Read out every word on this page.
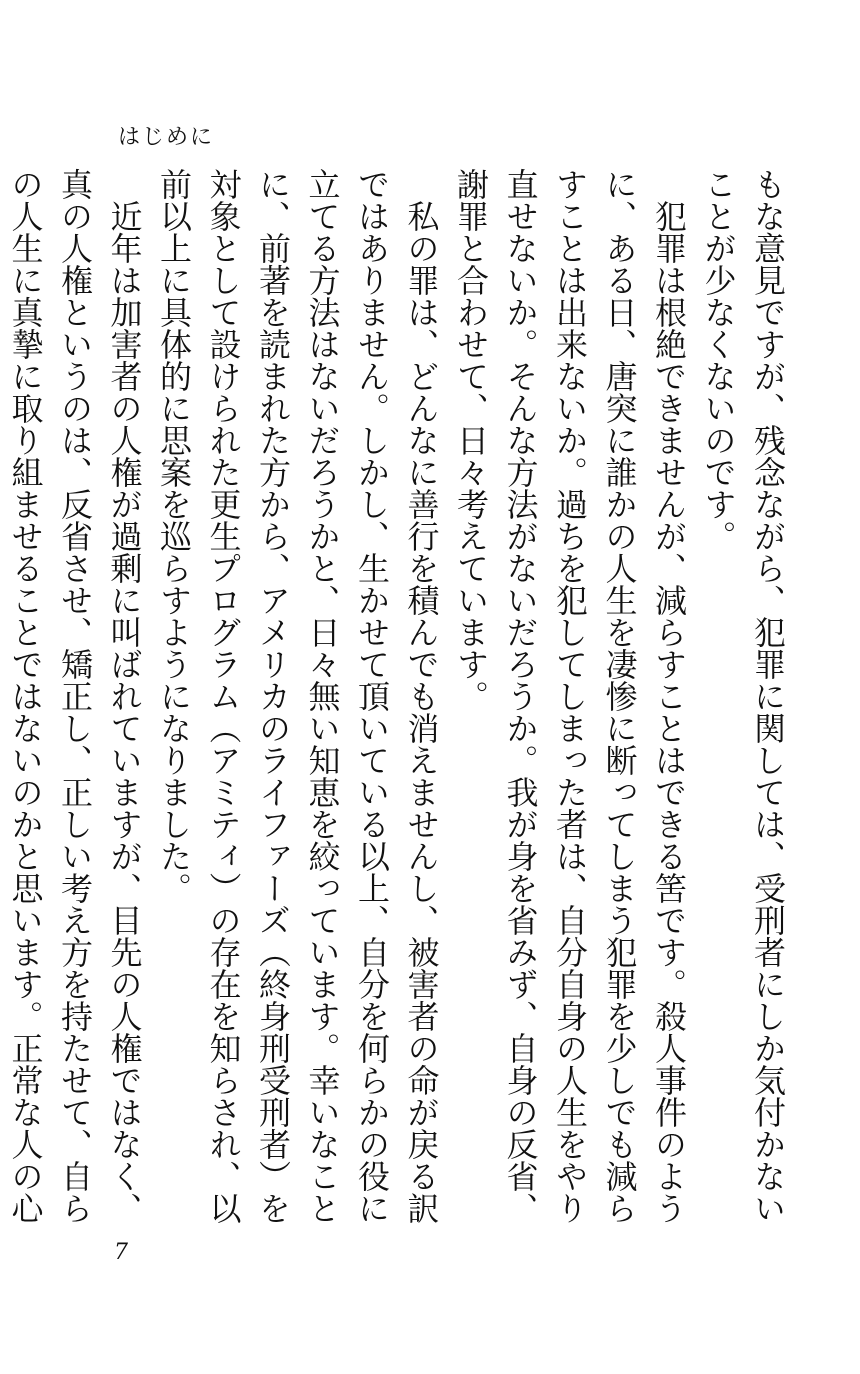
はじめに

もな意見ですが、残念ながら、犯罪に関しては、受刑者にしか気付かないことが少なくないのです。

犯罪は根絶できませんが、減らすことはできる筈です。殺人事件のように、ある日、唐突に誰かの人生を凄惨に断ってしまう犯罪を少しでも減らすことは出来ないか。過ちを犯してしまった者は、自分自身の人生をやり直せないか。そんな方法がないだろうか。我が身を省みず、自身の反省、謝罪と合わせて、日々考えています。

私の罪は、どんなに善行を積んでも消えませんし、被害者の命が戻る訳ではありません。しかし、生かせて頂いている以上、自分を何らかの役に立てる方法はないだろうかと、日々無い知恵を絞っています。幸いなことに、前著を読まれた方から、アメリカのライファーズ（終身刑受刑者）を対象として設けられた更生プログラム（アミティ）の存在を知らされ、以前以上に具体的に思案を巡らすようになりました。

近年は加害者の人権が過剰に叫ばれていますが、目先の人権ではなく、真の人権というのは、反省させ、矯正し、正しい考え方を持たせて、自らの人生に真摯に取り組ませることではないのかと思います。正常な人の心

7
